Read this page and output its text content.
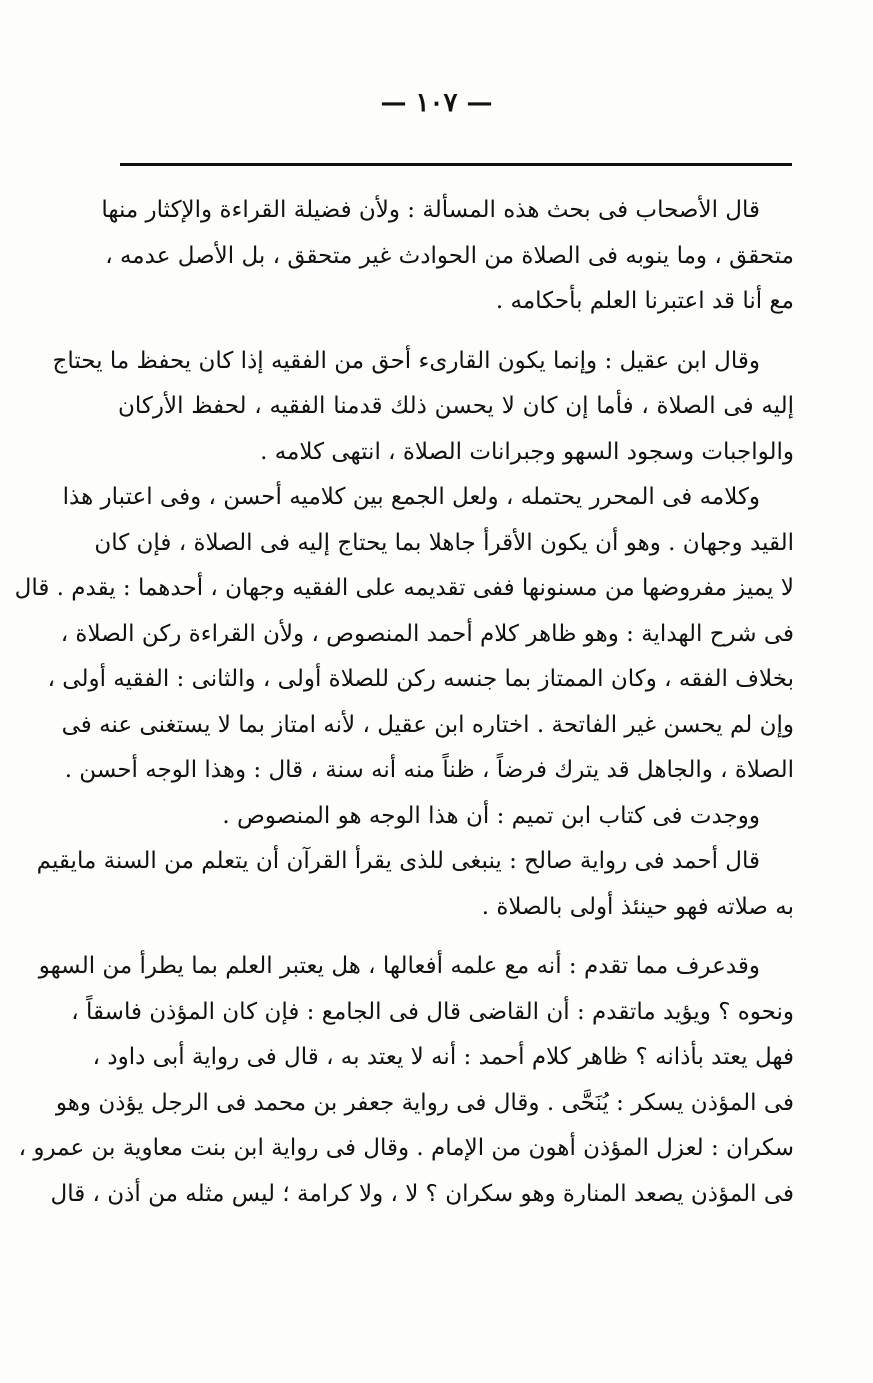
— ١٠٧ —
قال الأصحاب فى بحث هذه المسألة : ولأن فضيلة القراءة والإكثار منها
متحقق ، وما ينوبه فى الصلاة من الحوادث غير متحقق ، بل الأصل عدمه ،
مع أنا قد اعتبرنا العلم بأحكامه .
وقال ابن عقيل : وإنما يكون القارىء أحق من الفقيه إذا كان يحفظ ما يحتاج
إليه فى الصلاة ، فأما إن كان لا يحسن ذلك قدمنا الفقيه ، لحفظ الأركان
والواجبات وسجود السهو وجبرانات الصلاة ، انتهى كلامه .
وكلامه فى المحرر يحتمله ، ولعل الجمع بين كلاميه أحسن ، وفى اعتبار هذا
القيد وجهان . وهو أن يكون الأقرأ جاهلا بما يحتاج إليه فى الصلاة ، فإن كان
لا يميز مفروضها من مسنونها ففى تقديمه على الفقيه وجهان ، أحدهما : يقدم . قال
فى شرح الهداية : وهو ظاهر كلام أحمد المنصوص ، ولأن القراءة ركن الصلاة ،
بخلاف الفقه ، وكان الممتاز بما جنسه ركن للصلاة أولى ، والثانى : الفقيه أولى ،
وإن لم يحسن غير الفاتحة . اختاره ابن عقيل ، لأنه امتاز بما لا يستغنى عنه فى
الصلاة ، والجاهل قد يترك فرضاً ، ظناً منه أنه سنة ، قال : وهذا الوجه أحسن .
ووجدت فى كتاب ابن تميم : أن هذا الوجه هو المنصوص .
قال أحمد فى رواية صالح : ينبغى للذى يقرأ القرآن أن يتعلم من السنة مايقيم
به صلاته فهو حينئذ أولى بالصلاة .
وقدعرف مما تقدم : أنه مع علمه أفعالها ، هل يعتبر العلم بما يطرأ من السهو
ونحوه ؟ ويؤيد ماتقدم : أن القاضى قال فى الجامع : فإن كان المؤذن فاسقاً ،
فهل يعتد بأذانه ؟ ظاهر كلام أحمد : أنه لا يعتد به ، قال فى رواية أبى داود ،
فى المؤذن يسكر : يُنَحَّى . وقال فى رواية جعفر بن محمد فى الرجل يؤذن وهو
سكران : لعزل المؤذن أهون من الإمام . وقال فى رواية ابن بنت معاوية بن عمرو ،
فى المؤذن يصعد المنارة وهو سكران ؟ لا ، ولا كرامة ؛ ليس مثله من أذن ، قال
